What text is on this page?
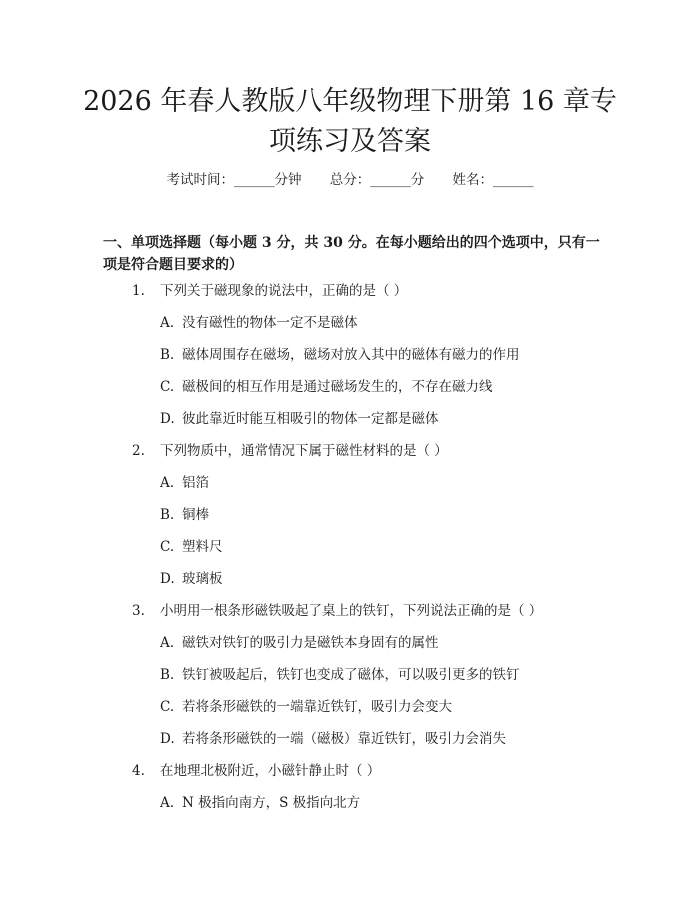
2026 年春人教版八年级物理下册第 16 章专
项练习及答案
考试时间：______分钟 总分：______分 姓名：______
一、单项选择题（每小题 3 分，共 30 分。在每小题给出的四个选项中，只有一项是符合题目要求的）
1. 下列关于磁现象的说法中，正确的是（ ）
A. 没有磁性的物体一定不是磁体
B. 磁体周围存在磁场，磁场对放入其中的磁体有磁力的作用
C. 磁极间的相互作用是通过磁场发生的，不存在磁力线
D. 彼此靠近时能互相吸引的物体一定都是磁体
2. 下列物质中，通常情况下属于磁性材料的是（ ）
A. 铝箔
B. 铜棒
C. 塑料尺
D. 玻璃板
3. 小明用一根条形磁铁吸起了桌上的铁钉，下列说法正确的是（ ）
A. 磁铁对铁钉的吸引力是磁铁本身固有的属性
B. 铁钉被吸起后，铁钉也变成了磁体，可以吸引更多的铁钉
C. 若将条形磁铁的一端靠近铁钉，吸引力会变大
D. 若将条形磁铁的一端（磁极）靠近铁钉，吸引力会消失
4. 在地理北极附近，小磁针静止时（ ）
A. N 极指向南方，S 极指向北方
